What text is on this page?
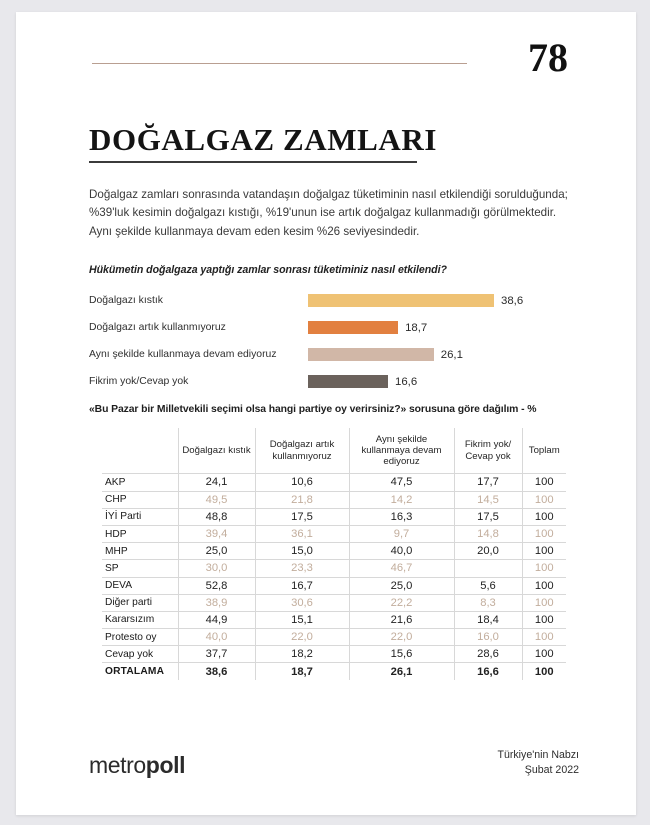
78
DOĞALGAZ ZAMLARI

Doğalgaz zamları sonrasında vatandaşın doğalgaz tüketiminin nasıl etkilendiği sorulduğunda; %39'luk kesimin doğalgazı kıstığı, %19'unun ise artık doğalgaz kullanmadığı görülmektedir. Aynı şekilde kullanmaya devam eden kesim %26 seviyesindedir.

Hükümetin doğalgaza yaptığı zamlar sonrası tüketiminiz nasıl etkilendi?
Doğalgazı kıstık	38,6
Doğalgazı artık kullanmıyoruz	18,7
Aynı şekilde kullanmaya devam ediyoruz	26,1
Fikrim yok/Cevap yok	16,6
«Bu Pazar bir Milletvekili seçimi olsa hangi partiye oy verirsiniz?» sorusuna göre dağılım - %
	Doğalgazı kıstık	Doğalgazı artık kullanmıyoruz	Aynı şekilde kullanmaya devam ediyoruz	Fikrim yok/ Cevap yok	Toplam
AKP	24,1	10,6	47,5	17,7	100
CHP	49,5	21,8	14,2	14,5	100
İYİ Parti	48,8	17,5	16,3	17,5	100
HDP	39,4	36,1	9,7	14,8	100
MHP	25,0	15,0	40,0	20,0	100
SP	30,0	23,3	46,7		100
DEVA	52,8	16,7	25,0	5,6	100
Diğer parti	38,9	30,6	22,2	8,3	100
Kararsızım	44,9	15,1	21,6	18,4	100
Protesto oy	40,0	22,0	22,0	16,0	100
Cevap yok	37,7	18,2	15,6	28,6	100
ORTALAMA	38,6	18,7	26,1	16,6	100
metropoll	Türkiye'nin Nabzı
Şubat 2022
